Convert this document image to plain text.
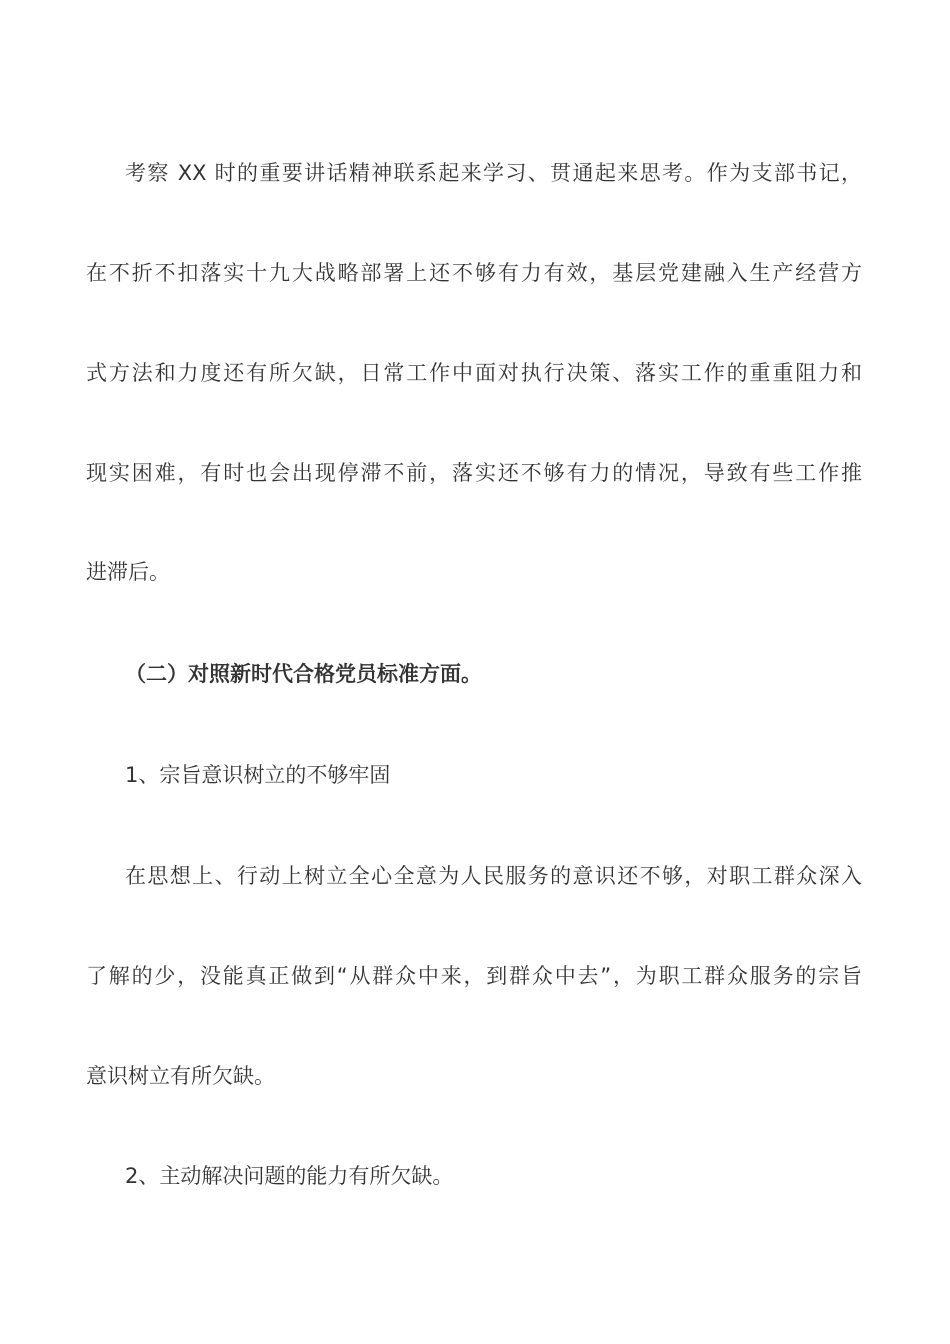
考察 XX 时的重要讲话精神联系起来学习、贯通起来思考。作为支部书记，
在不折不扣落实十九大战略部署上还不够有力有效，基层党建融入生产经营方
式方法和力度还有所欠缺，日常工作中面对执行决策、落实工作的重重阻力和
现实困难，有时也会出现停滞不前，落实还不够有力的情况，导致有些工作推
进滞后。
（二）对照新时代合格党员标准方面。
1、宗旨意识树立的不够牢固
在思想上、行动上树立全心全意为人民服务的意识还不够，对职工群众深入
了解的少，没能真正做到“从群众中来，到群众中去”，为职工群众服务的宗旨
意识树立有所欠缺。
2、主动解决问题的能力有所欠缺。
